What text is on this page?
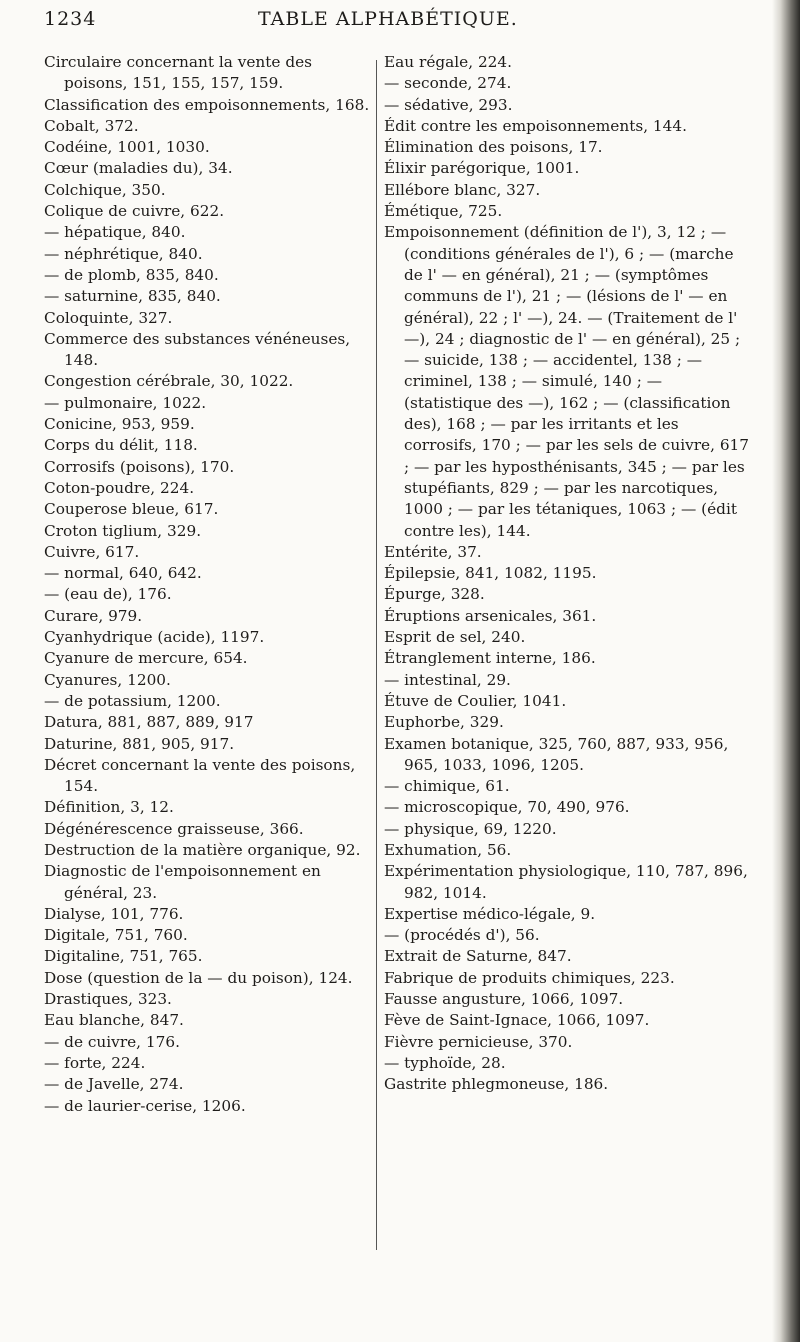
1234	TABLE ALPHABÉTIQUE.
Circulaire concernant la vente des poisons, 151, 155, 157, 159.
Classification des empoisonnements, 168.
Cobalt, 372.
Codéine, 1001, 1030.
Cœur (maladies du), 34.
Colchique, 350.
Colique de cuivre, 622.
— hépatique, 840.
— néphrétique, 840.
— de plomb, 835, 840.
— saturnine, 835, 840.
Coloquinte, 327.
Commerce des substances vénéneuses, 148.
Congestion cérébrale, 30, 1022.
— pulmonaire, 1022.
Conicine, 953, 959.
Corps du délit, 118.
Corrosifs (poisons), 170.
Coton-poudre, 224.
Couperose bleue, 617.
Croton tiglium, 329.
Cuivre, 617.
— normal, 640, 642.
— (eau de), 176.
Curare, 979.
Cyanhydrique (acide), 1197.
Cyanure de mercure, 654.
Cyanures, 1200.
— de potassium, 1200.
Datura, 881, 887, 889, 917
Daturine, 881, 905, 917.
Décret concernant la vente des poisons, 154.
Définition, 3, 12.
Dégénérescence graisseuse, 366.
Destruction de la matière organique, 92.
Diagnostic de l'empoisonnement en général, 23.
Dialyse, 101, 776.
Digitale, 751, 760.
Digitaline, 751, 765.
Dose (question de la — du poison), 124.
Drastiques, 323.
Eau blanche, 847.
— de cuivre, 176.
— forte, 224.
— de Javelle, 274.
— de laurier-cerise, 1206.
Eau régale, 224.
— seconde, 274.
— sédative, 293.
Édit contre les empoisonnements, 144.
Élimination des poisons, 17.
Élixir parégorique, 1001.
Ellébore blanc, 327.
Émétique, 725.
Empoisonnement (définition de l'), 3, 12 ; — (conditions générales de l'), 6 ; — (marche de l' — en général), 21 ; — (symptômes communs de l'), 21 ; — (lésions de l' — en général), 22 ; l' —), 24. — (Traitement de l' —), 24 ; diagnostic de l' — en général), 25 ; — suicide, 138 ; — accidentel, 138 ; — criminel, 138 ; — simulé, 140 ; — (statistique des —), 162 ; — (classification des), 168 ; — par les irritants et les corrosifs, 170 ; — par les sels de cuivre, 617 ; — par les hyposthénisants, 345 ; — par les stupéfiants, 829 ; — par les narcotiques, 1000 ; — par les tétaniques, 1063 ; — (édit contre les), 144.
Entérite, 37.
Épilepsie, 841, 1082, 1195.
Épurge, 328.
Éruptions arsenicales, 361.
Esprit de sel, 240.
Étranglement interne, 186.
— intestinal, 29.
Étuve de Coulier, 1041.
Euphorbe, 329.
Examen botanique, 325, 760, 887, 933, 956, 965, 1033, 1096, 1205.
— chimique, 61.
— microscopique, 70, 490, 976.
— physique, 69, 1220.
Exhumation, 56.
Expérimentation physiologique, 110, 787, 896, 982, 1014.
Expertise médico-légale, 9.
— (procédés d'), 56.
Extrait de Saturne, 847.
Fabrique de produits chimiques, 223.
Fausse angusture, 1066, 1097.
Fève de Saint-Ignace, 1066, 1097.
Fièvre pernicieuse, 370.
— typhoïde, 28.
Gastrite phlegmoneuse, 186.
